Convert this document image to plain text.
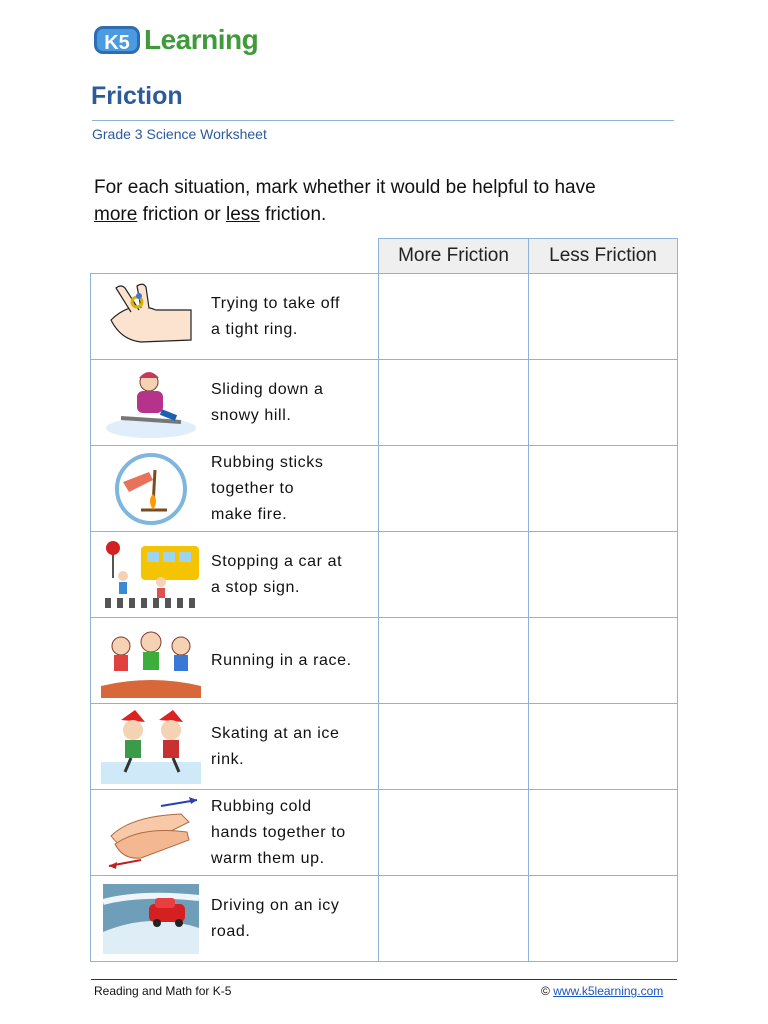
K5 Learning
Friction
Grade 3 Science Worksheet
For each situation, mark whether it would be helpful to have
more friction or less friction.
	More Friction	Less Friction

Trying to take off
a tight ring.		

Sliding down a
snowy hill.		

Rubbing sticks
together to
make fire.		

Stopping a car at
a stop sign.		

Running in a race.		

Skating at an ice
rink.		

Rubbing cold
hands together to
warm them up.		

Driving on an icy
road.		

Reading and Math for K-5	© www.k5learning.com
